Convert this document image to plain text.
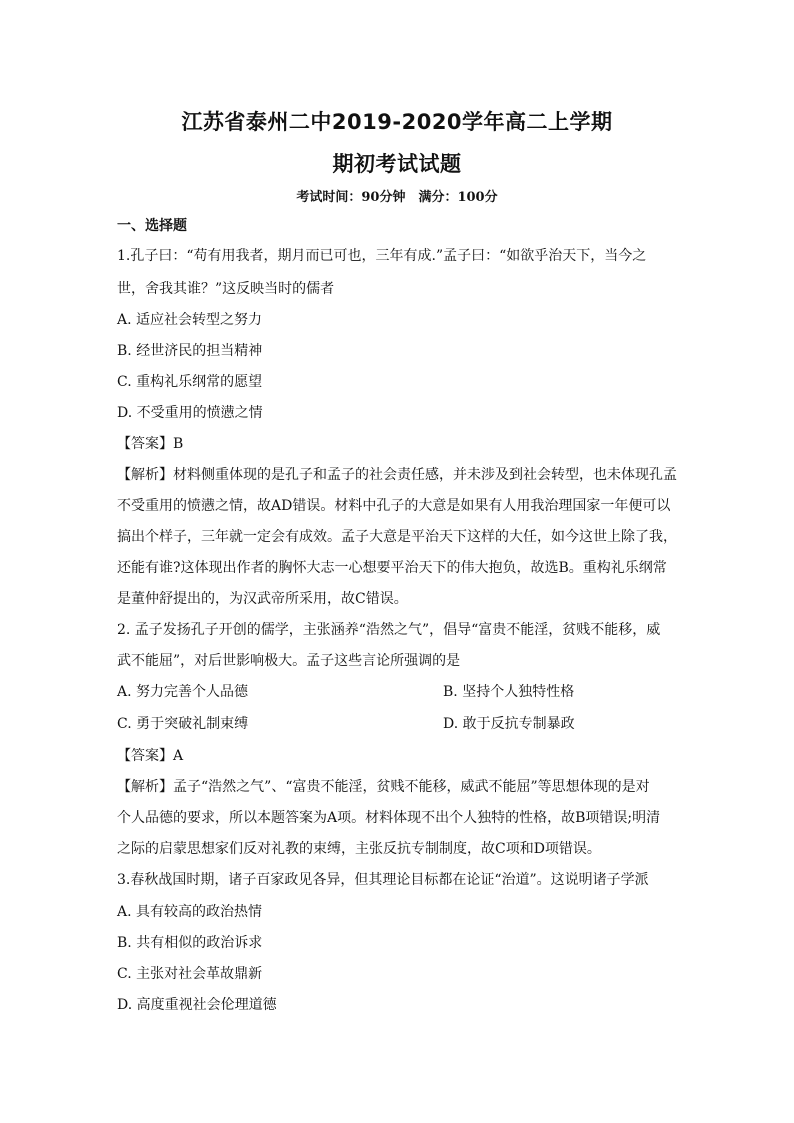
江苏省泰州二中2019-2020学年高二上学期
期初考试试题
考试时间：90分钟　满分：100分
一、选择题
1.孔子曰：“苟有用我者，期月而已可也，三年有成.”孟子曰：“如欲乎治天下，当今之
世，舍我其谁？”这反映当时的儒者
A. 适应社会转型之努力
B. 经世济民的担当精神
C. 重构礼乐纲常的愿望
D. 不受重用的愤懑之情
【答案】B
【解析】材料侧重体现的是孔子和孟子的社会责任感，并未涉及到社会转型，也未体现孔孟
不受重用的愤懑之情，故AD错误。材料中孔子的大意是如果有人用我治理国家一年便可以
搞出个样子，三年就一定会有成效。孟子大意是平治天下这样的大任，如今这世上除了我，
还能有谁?这体现出作者的胸怀大志一心想要平治天下的伟大抱负，故选B。重构礼乐纲常
是董仲舒提出的，为汉武帝所采用，故C错误。
2. 孟子发扬孔子开创的儒学，主张涵养“浩然之气”，倡导“富贵不能淫，贫贱不能移，威
武不能屈”，对后世影响极大。孟子这些言论所强调的是
A. 努力完善个人品德	B. 坚持个人独特性格
C. 勇于突破礼制束缚	D. 敢于反抗专制暴政
【答案】A
【解析】孟子“浩然之气”、“富贵不能淫，贫贱不能移，威武不能屈”等思想体现的是对
个人品德的要求，所以本题答案为A项。材料体现不出个人独特的性格，故B项错误;明清
之际的启蒙思想家们反对礼教的束缚，主张反抗专制制度，故C项和D项错误。
3.春秋战国时期，诸子百家政见各异，但其理论目标都在论证“治道”。这说明诸子学派
A. 具有较高的政治热情
B. 共有相似的政治诉求
C. 主张对社会革故鼎新
D. 高度重视社会伦理道德
